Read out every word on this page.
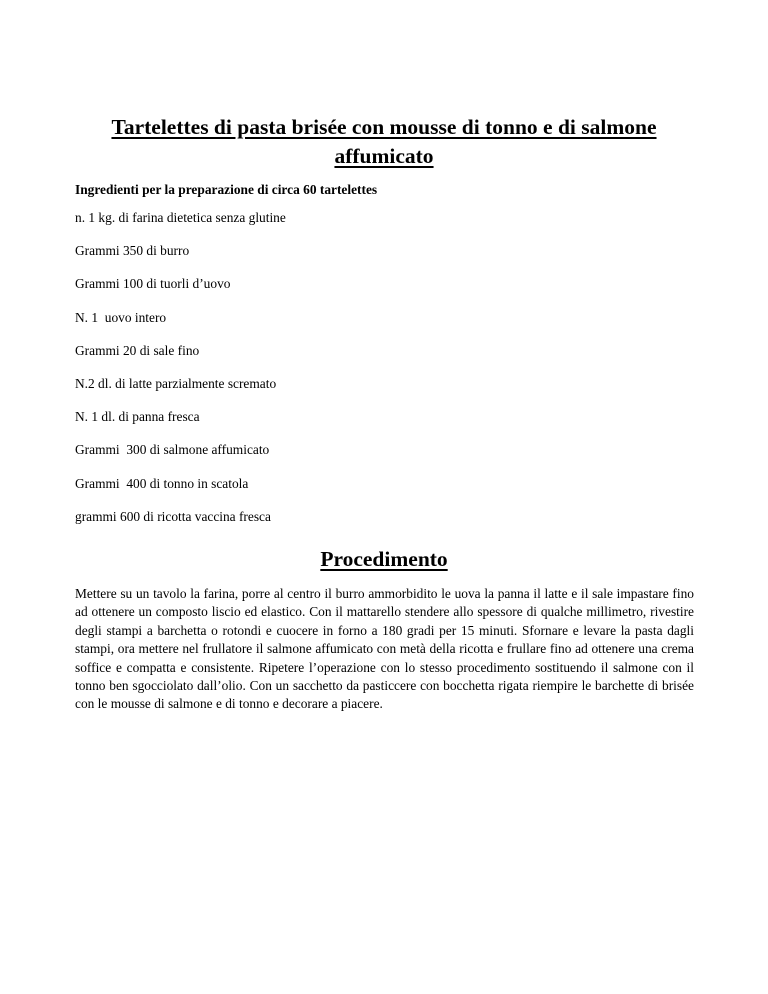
Tartelettes di pasta brisée con mousse di tonno e di salmone affumicato

Ingredienti per la preparazione di circa 60 tartelettes

n. 1 kg. di farina dietetica senza glutine
Grammi 350 di burro
Grammi 100 di tuorli d’uovo
N. 1  uovo intero
Grammi 20 di sale fino
N.2 dl. di latte parzialmente scremato
N. 1 dl. di panna fresca
Grammi  300 di salmone affumicato
Grammi  400 di tonno in scatola
grammi 600 di ricotta vaccina fresca
Procedimento

Mettere su un tavolo la farina, porre al centro il burro ammorbidito le uova la panna il latte e il sale impastare fino ad ottenere un composto liscio ed elastico. Con il mattarello stendere allo spessore di qualche millimetro, rivestire degli stampi a barchetta o rotondi e cuocere in forno a 180 gradi per 15 minuti. Sfornare e levare la pasta dagli stampi, ora mettere nel frullatore il salmone affumicato con metà della ricotta e frullare fino ad ottenere una crema soffice e compatta e consistente. Ripetere l’operazione con lo stesso procedimento sostituendo il salmone con il tonno ben sgocciolato dall’olio. Con un sacchetto da pasticcere con bocchetta rigata riempire le barchette di brisée con le mousse di salmone e di tonno e decorare a piacere.
